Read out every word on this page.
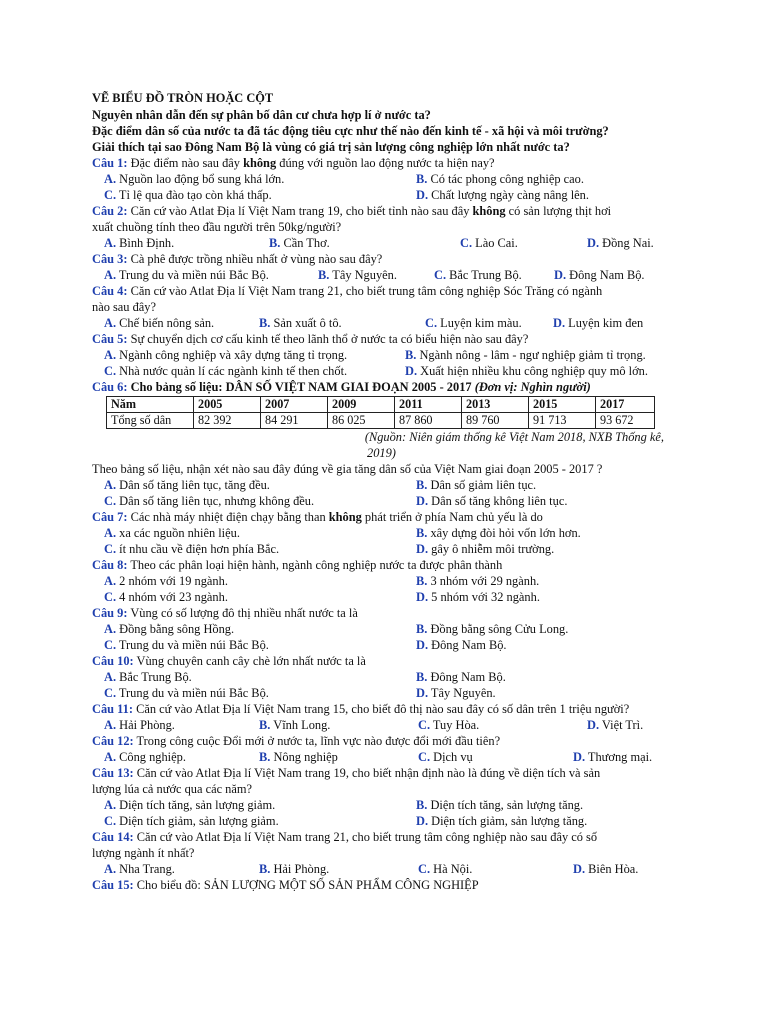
VẼ BIỂU ĐỒ TRÒN HOẶC CỘT
Nguyên nhân dẫn đến sự phân bố dân cư chưa hợp lí ở nước ta?
Đặc điểm dân số của nước ta đã tác động tiêu cực như thế nào đến kinh tế - xã hội và môi trường?
Giải thích tại sao Đông Nam Bộ là vùng có giá trị sản lượng công nghiệp lớn nhất nước ta?
Câu 1: Đặc điểm nào sau đây không đúng với nguồn lao động nước ta hiện nay?
A. Nguồn lao động bổ sung khá lớn.	B. Có tác phong công nghiệp cao.
C. Tỉ lệ qua đào tạo còn khá thấp.	D. Chất lượng ngày càng nâng lên.
Câu 2: Căn cứ vào Atlat Địa lí Việt Nam trang 19, cho biết tỉnh nào sau đây không có sản lượng thịt hơi
xuất chuồng tính theo đầu người trên 50kg/người?
A. Bình Định.	B. Cần Thơ.	C. Lào Cai.	D. Đồng Nai.
Câu 3: Cà phê được trồng nhiều nhất ở vùng nào sau đây?
A. Trung du và miền núi Bắc Bộ.	B. Tây Nguyên.	C. Bắc Trung Bộ.	D. Đông Nam Bộ.
Câu 4: Căn cứ vào Atlat Địa lí Việt Nam trang 21, cho biết trung tâm công nghiệp Sóc Trăng có ngành
nào sau đây?
A. Chế biến nông sản.	B. Sản xuất ô tô.	C. Luyện kim màu.	D. Luyện kim đen
Câu 5: Sự chuyển dịch cơ cấu kinh tế theo lãnh thổ ở nước ta có biểu hiện nào sau đây?
A. Ngành công nghiệp và xây dựng tăng tỉ trọng.	B. Ngành nông - lâm - ngư nghiệp giảm tỉ trọng.
C. Nhà nước quản lí các ngành kinh tế then chốt.	D. Xuất hiện nhiều khu công nghiệp quy mô lớn.
Câu 6: Cho bảng số liệu: DÂN SỐ VIỆT NAM GIAI ĐOẠN 2005 - 2017 (Đơn vị: Nghìn người)
Năm	2005	2007	2009	2011	2013	2015	2017
Tổng số dân	82 392	84 291	86 025	87 860	89 760	91 713	93 672
(Nguồn: Niên giám thống kê Việt Nam 2018, NXB Thống kê,
2019)
Theo bảng số liệu, nhận xét nào sau đây đúng về gia tăng dân số của Việt Nam giai đoạn 2005 - 2017 ?
A. Dân số tăng liên tục, tăng đều.	B. Dân số giảm liên tục.
C. Dân số tăng liên tục, nhưng không đều.	D. Dân số tăng không liên tục.
Câu 7: Các nhà máy nhiệt điện chạy bằng than không phát triển ở phía Nam chủ yếu là do
A. xa các nguồn nhiên liệu.	B. xây dựng đòi hỏi vốn lớn hơn.
C. ít nhu cầu về điện hơn phía Bắc.	D. gây ô nhiễm môi trường.
Câu 8: Theo các phân loại hiện hành, ngành công nghiệp nước ta được phân thành
A. 2 nhóm với 19 ngành.	B. 3 nhóm với 29 ngành.
C. 4 nhóm với 23 ngành.	D. 5 nhóm với 32 ngành.
Câu 9: Vùng có số lượng đô thị nhiều nhất nước ta là
A. Đồng bằng sông Hồng.	B. Đồng bằng sông Cửu Long.
C. Trung du và miền núi Bắc Bộ.	D. Đông Nam Bộ.
Câu 10: Vùng chuyên canh cây chè lớn nhất nước ta là
A. Bắc Trung Bộ.	B. Đông Nam Bộ.
C. Trung du và miền núi Bắc Bộ.	D. Tây Nguyên.
Câu 11: Căn cứ vào Atlat Địa lí Việt Nam trang 15, cho biết đô thị nào sau đây có số dân trên 1 triệu người?
A. Hải Phòng.	B. Vĩnh Long.	C. Tuy Hòa.	D. Việt Trì.
Câu 12: Trong công cuộc Đổi mới ở nước ta, lĩnh vực nào được đổi mới đầu tiên?
A. Công nghiệp.	B. Nông nghiệp	C. Dịch vụ	D. Thương mại.
Câu 13: Căn cứ vào Atlat Địa lí Việt Nam trang 19, cho biết nhận định nào là đúng về diện tích và sản
lượng lúa cả nước qua các năm?
A. Diện tích tăng, sản lượng giảm.	B. Diện tích tăng, sản lượng tăng.
C. Diện tích giảm, sản lượng giảm.	D. Diện tích giảm, sản lượng tăng.
Câu 14: Căn cứ vào Atlat Địa lí Việt Nam trang 21, cho biết trung tâm công nghiệp nào sau đây có số
lượng ngành ít nhất?
A. Nha Trang.	B. Hải Phòng.	C. Hà Nội.	D. Biên Hòa.
Câu 15: Cho biểu đồ: SẢN LƯỢNG MỘT SỐ SẢN PHẨM CÔNG NGHIỆP
